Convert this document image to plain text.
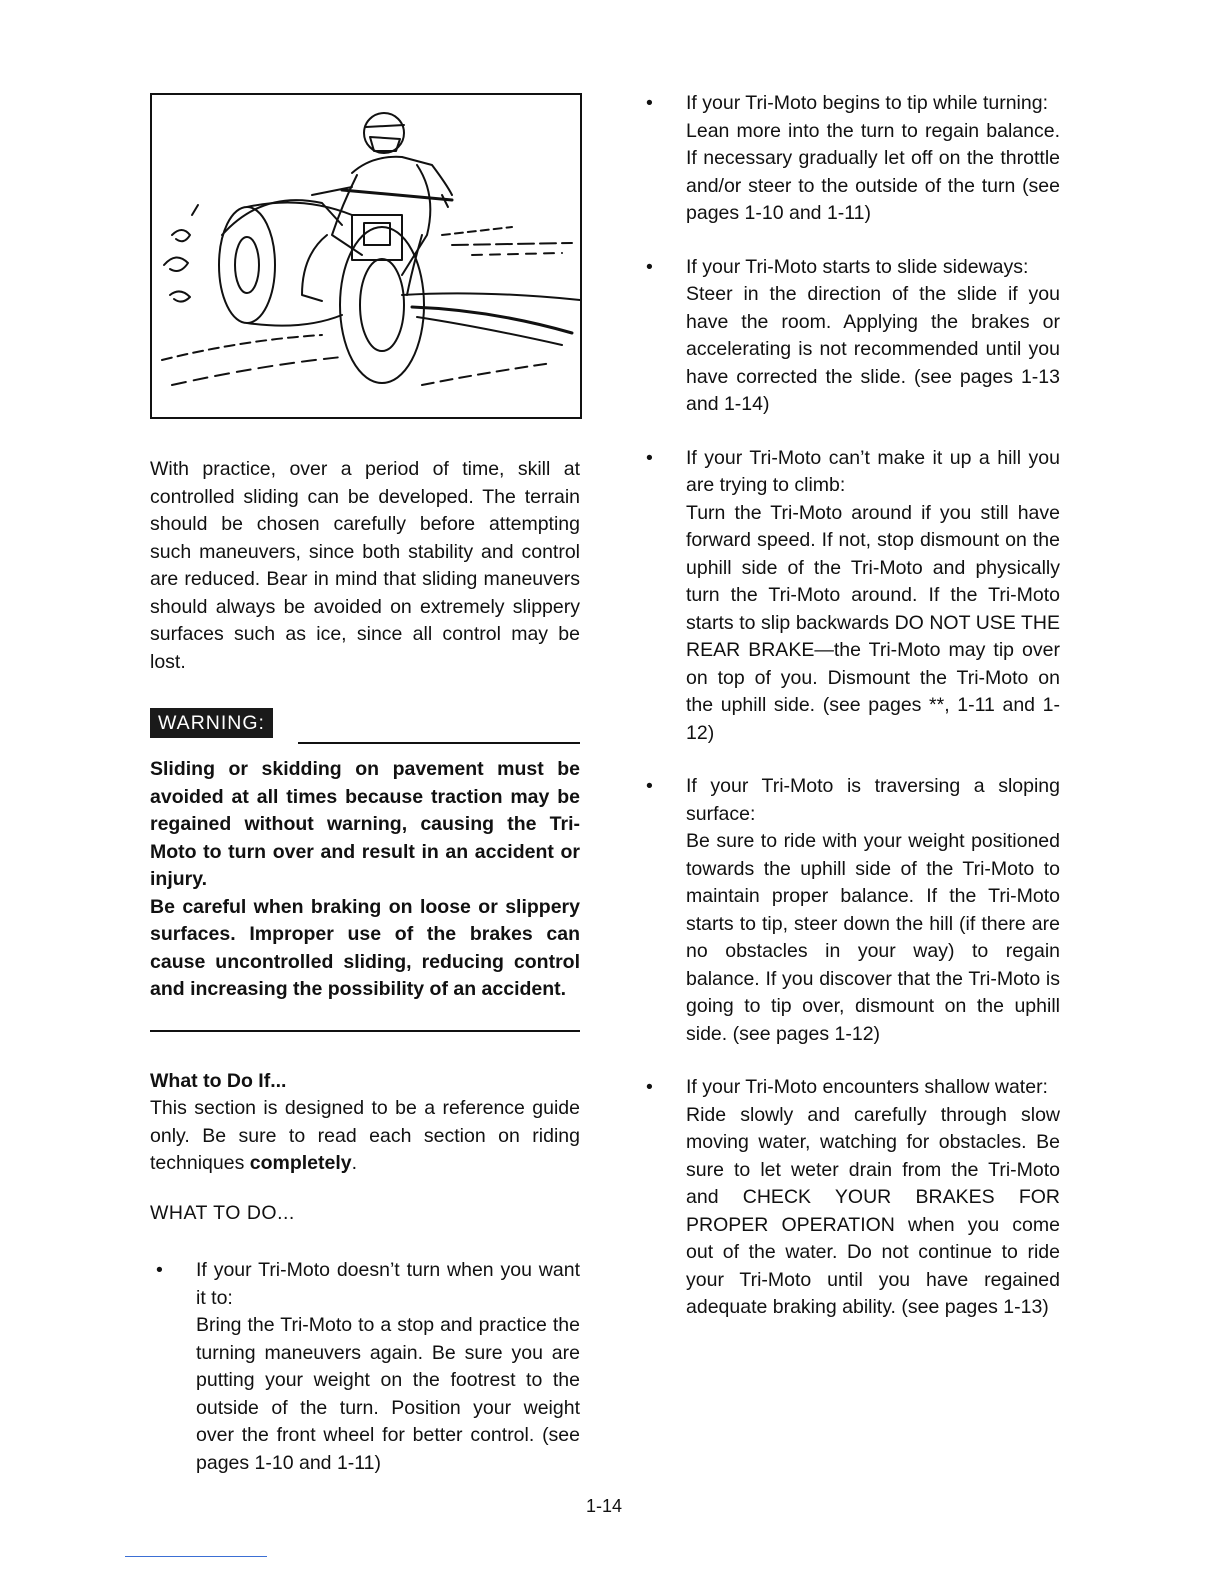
With practice, over a period of time, skill at controlled sliding can be developed. The terrain should be chosen carefully before attempting such maneuvers, since both stability and control are reduced. Bear in mind that sliding maneuvers should always be avoided on extremely slippery surfaces such as ice, since all control may be lost.

WARNING:

Sliding or skidding on pavement must be avoided at all times because traction may be regained without warning, causing the Tri-Moto to turn over and result in an accident or injury.

Be careful when braking on loose or slippery surfaces. Improper use of the brakes can cause uncontrolled sliding, reducing control and increasing the possibility of an accident.

What to Do If...

This section is designed to be a reference guide only. Be sure to read each section on riding techniques completely.

WHAT TO DO...

• If your Tri-Moto doesn’t turn when you want it to:

Bring the Tri-Moto to a stop and practice the turning maneuvers again. Be sure you are putting your weight on the footrest to the outside of the turn. Position your weight over the front wheel for better control. (see pages 1-10 and 1-11)

• If your Tri-Moto begins to tip while turning:

Lean more into the turn to regain balance. If necessary gradually let off on the throttle and/or steer to the outside of the turn (see pages 1-10 and 1-11)

• If your Tri-Moto starts to slide sideways:

Steer in the direction of the slide if you have the room. Applying the brakes or accelerating is not recommended until you have corrected the slide. (see pages 1-13 and 1-14)

• If your Tri-Moto can’t make it up a hill you are trying to climb:

Turn the Tri-Moto around if you still have forward speed. If not, stop dismount on the uphill side of the Tri-Moto and physically turn the Tri-Moto around. If the Tri-Moto starts to slip backwards DO NOT USE THE REAR BRAKE—the Tri-Moto may tip over on top of you. Dismount the Tri-Moto on the uphill side. (see pages **, 1-11 and 1-12)

• If your Tri-Moto is traversing a sloping surface:

Be sure to ride with your weight positioned towards the uphill side of the Tri-Moto to maintain proper balance. If the Tri-Moto starts to tip, steer down the hill (if there are no obstacles in your way) to regain balance. If you discover that the Tri-Moto is going to tip over, dismount on the uphill side. (see pages 1-12)

• If your Tri-Moto encounters shallow water:

Ride slowly and carefully through slow moving water, watching for obstacles. Be sure to let weter drain from the Tri-Moto and CHECK YOUR BRAKES FOR PROPER OPERATION when you come out of the water. Do not continue to ride your Tri-Moto until you have regained adequate braking ability. (see pages 1-13)

1-14
